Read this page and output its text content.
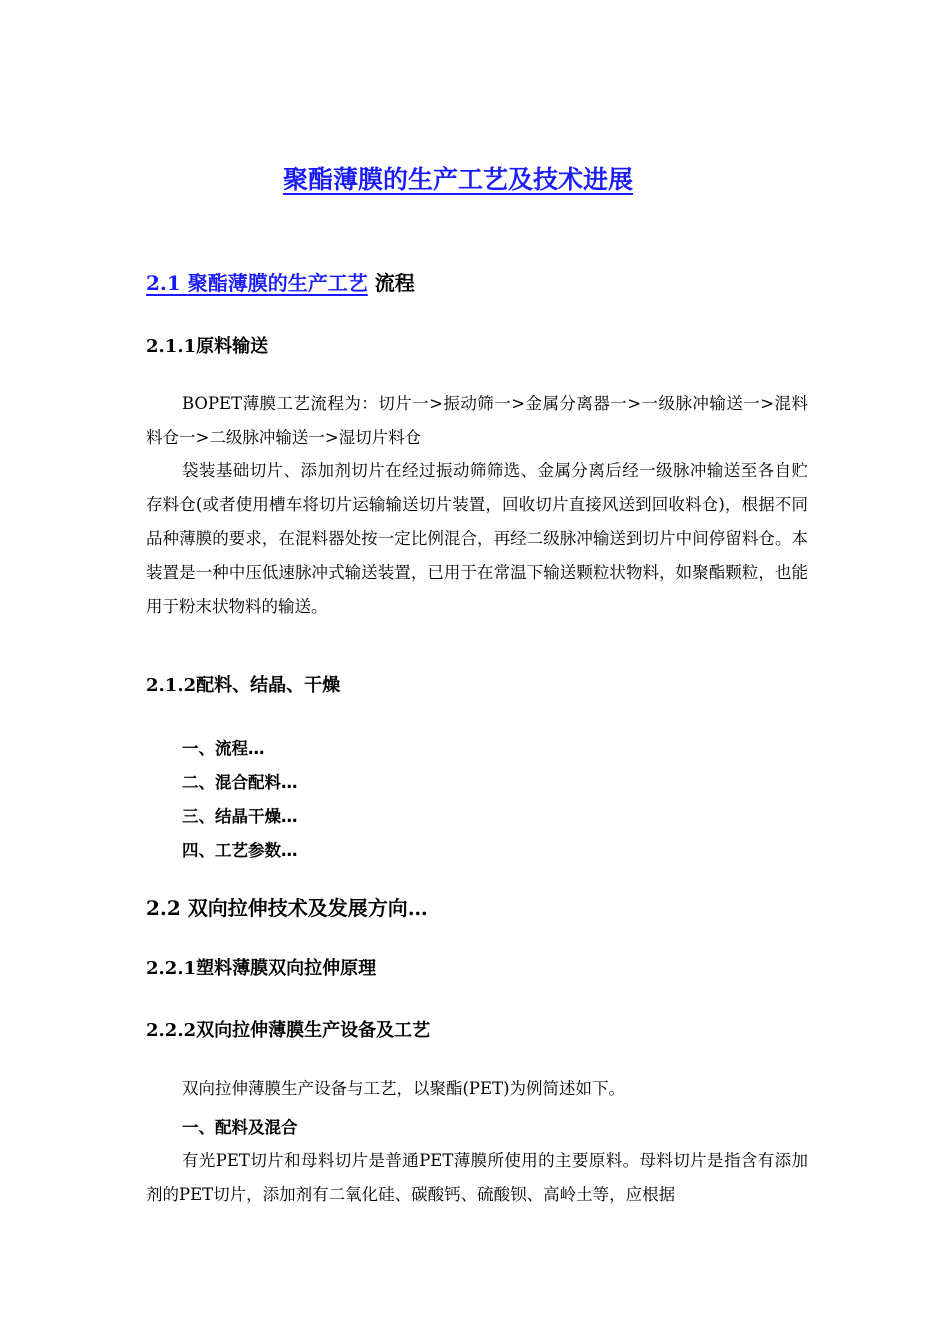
聚酯薄膜的生产工艺及技术进展
2.1 聚酯薄膜的生产工艺 流程
2.1.1原料输送

BOPET薄膜工艺流程为：切片一>振动筛一>金属分离器一>一级脉冲输送一>混料料仓一>二级脉冲输送一>湿切片料仓

袋装基础切片、添加剂切片在经过振动筛筛选、金属分离后经一级脉冲输送至各自贮存料仓(或者使用槽车将切片运输输送切片装置，回收切片直接风送到回收料仓)，根据不同品种薄膜的要求，在混料器处按一定比例混合，再经二级脉冲输送到切片中间停留料仓。本装置是一种中压低速脉冲式输送装置，已用于在常温下输送颗粒状物料，如聚酯颗粒，也能用于粉末状物料的输送。

2.1.2配料、结晶、干燥
一、流程…
二、混合配料…
三、结晶干燥…
四、工艺参数…
2.2 双向拉伸技术及发展方向…
2.2.1塑料薄膜双向拉伸原理
2.2.2双向拉伸薄膜生产设备及工艺

双向拉伸薄膜生产设备与工艺，以聚酯(PET)为例简述如下。

一、配料及混合

有光PET切片和母料切片是普通PET薄膜所使用的主要原料。母料切片是指含有添加剂的PET切片，添加剂有二氧化硅、碳酸钙、硫酸钡、高岭土等，应根据
